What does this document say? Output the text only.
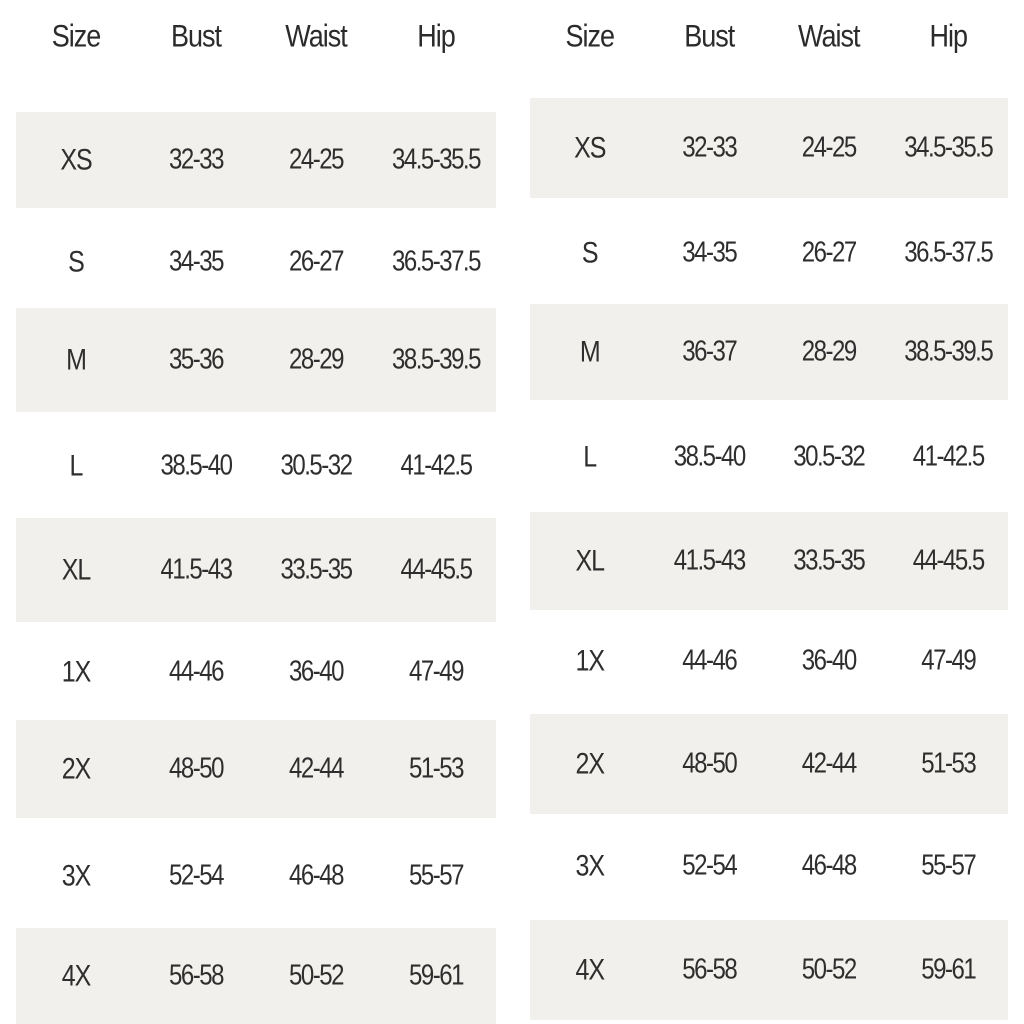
Size	Bust	Waist	Hip
XS	32-33	24-25	34.5-35.5
S	34-35	26-27	36.5-37.5
M	35-36	28-29	38.5-39.5
L	38.5-40	30.5-32	41-42.5
XL	41.5-43	33.5-35	44-45.5
1X	44-46	36-40	47-49
2X	48-50	42-44	51-53
3X	52-54	46-48	55-57
4X	56-58	50-52	59-61
Size	Bust	Waist	Hip
XS	32-33	24-25	34.5-35.5
S	34-35	26-27	36.5-37.5
M	36-37	28-29	38.5-39.5
L	38.5-40	30.5-32	41-42.5
XL	41.5-43	33.5-35	44-45.5
1X	44-46	36-40	47-49
2X	48-50	42-44	51-53
3X	52-54	46-48	55-57
4X	56-58	50-52	59-61
